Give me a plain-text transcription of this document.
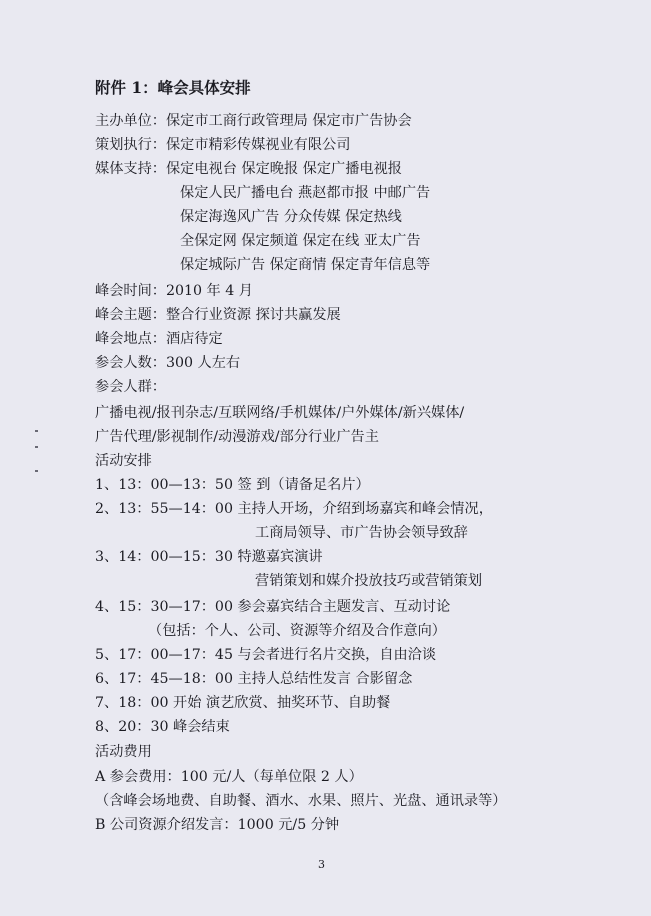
附件 1：峰会具体安排
主办单位：保定市工商行政管理局 保定市广告协会
策划执行：保定市精彩传媒视业有限公司
媒体支持：保定电视台 保定晚报 保定广播电视报
保定人民广播电台 燕赵都市报 中邮广告
保定海逸风广告 分众传媒 保定热线
全保定网 保定频道 保定在线 亚太广告
保定城际广告 保定商情 保定青年信息等
峰会时间：2010 年 4 月
峰会主题：整合行业资源 探讨共赢发展
峰会地点：酒店待定
参会人数：300 人左右
参会人群：
广播电视/报刊杂志/互联网络/手机媒体/户外媒体/新兴媒体/
广告代理/影视制作/动漫游戏/部分行业广告主
活动安排
1、13：00—13：50 签 到（请备足名片）
2、13：55—14：00 主持人开场，介绍到场嘉宾和峰会情况，
工商局领导、市广告协会领导致辞
3、14：00—15：30 特邀嘉宾演讲
营销策划和媒介投放技巧或营销策划
4、15：30—17：00 参会嘉宾结合主题发言、互动讨论
（包括：个人、公司、资源等介绍及合作意向）
5、17：00—17：45 与会者进行名片交换，自由洽谈
6、17：45—18：00 主持人总结性发言 合影留念
7、18：00 开始 演艺欣赏、抽奖环节、自助餐
8、20：30 峰会结束
活动费用
A 参会费用：100 元/人（每单位限 2 人）
（含峰会场地费、自助餐、酒水、水果、照片、光盘、通讯录等）
B 公司资源介绍发言：1000 元/5 分钟
3
